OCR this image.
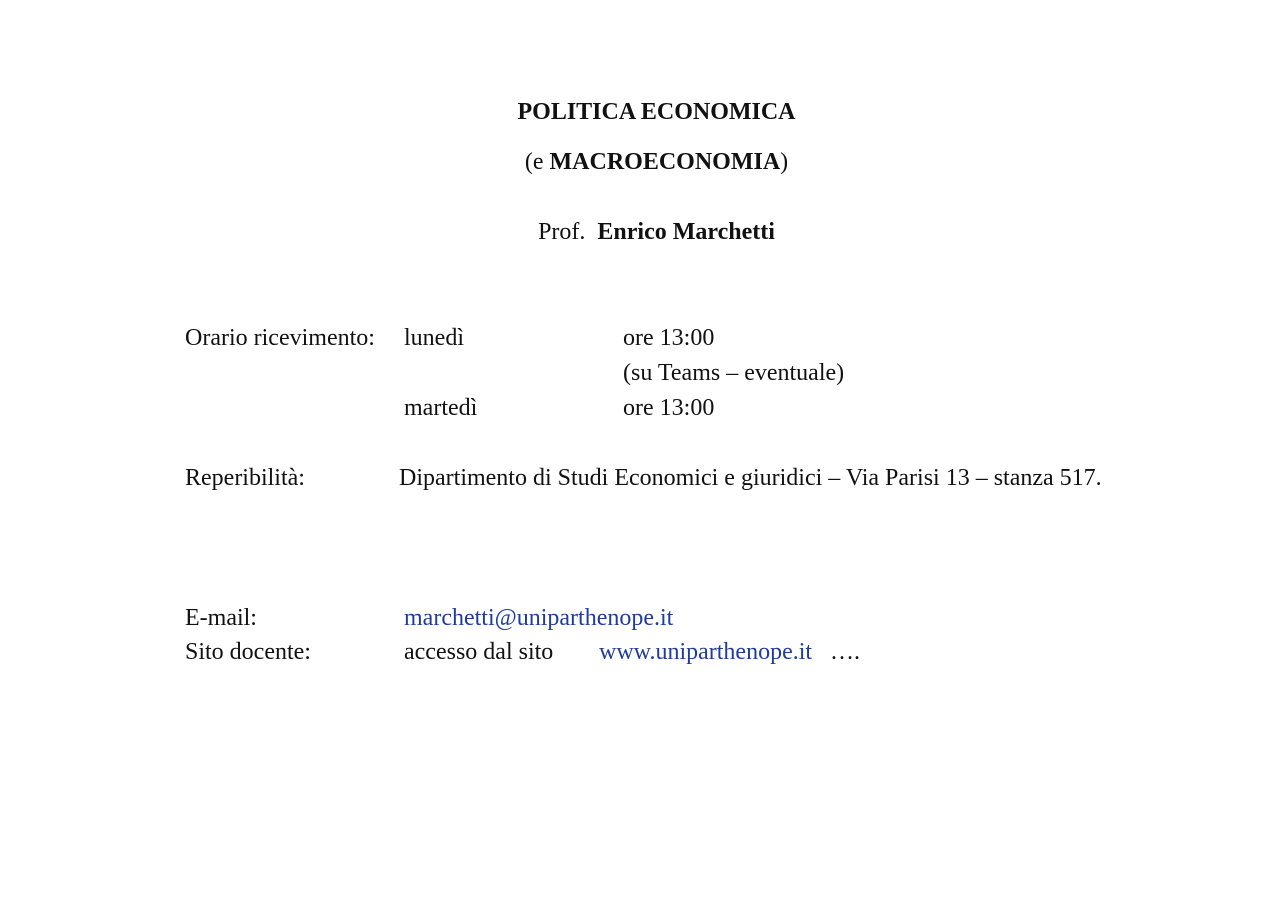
POLITICA ECONOMICA
(e MACROECONOMIA)
Prof. Enrico Marchetti
Orario ricevimento: lunedì	ore 13:00
(su Teams – eventuale)
martedì	ore 13:00
Reperibilità:	Dipartimento di Studi Economici e giuridici – Via Parisi 13 – stanza 517.
E-mail:	marchetti@uniparthenope.it
Sito docente:	accesso dal sito www.uniparthenope.it ….
